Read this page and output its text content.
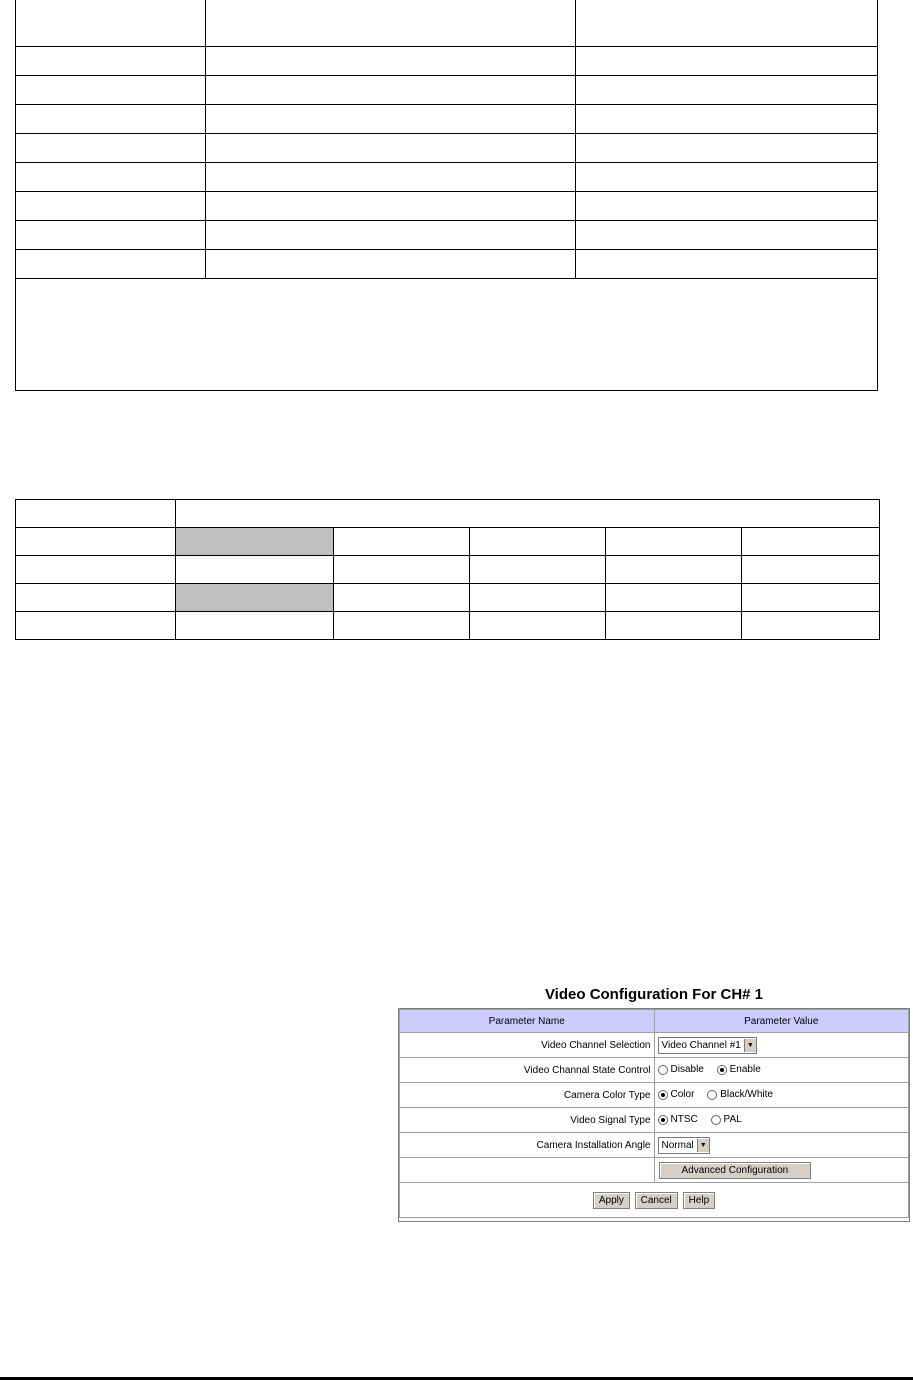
Video Configuration For CH# 1
Parameter Name	Parameter Value
Video Channel Selection	Video Channel #1 ▼

Video Channal State Control	Disable Enable
Camera Color Type	Color Black/White
Video Signal Type	NTSC PAL
Camera Installation Angle	Normal ▼

	Advanced Configuration
Apply Cancel Help	
